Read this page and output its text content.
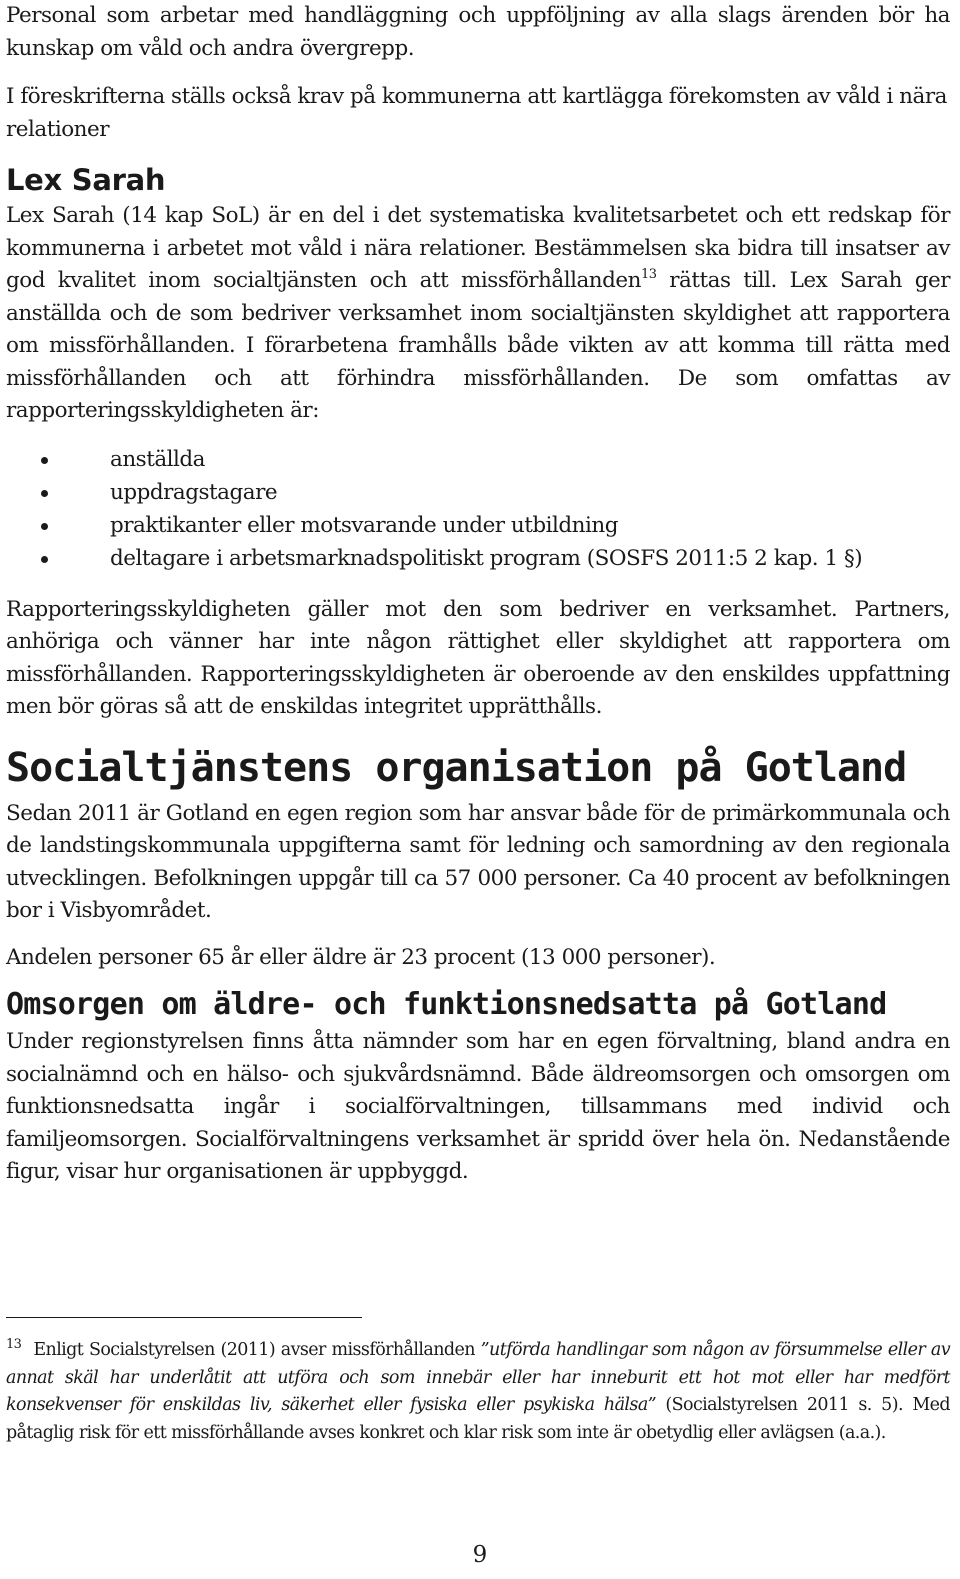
Personal som arbetar med handläggning och uppföljning av alla slags ärenden bör ha kunskap om våld och andra övergrepp.

I föreskrifterna ställs också krav på kommunerna att kartlägga förekomsten av våld i nära relationer

Lex Sarah

Lex Sarah (14 kap SoL) är en del i det systematiska kvalitetsarbetet och ett redskap för kommunerna i arbetet mot våld i nära relationer. Bestämmelsen ska bidra till insatser av god kvalitet inom socialtjänsten och att missförhållanden$^{13}$ rättas till. Lex Sarah ger anställda och de som bedriver verksamhet inom socialtjänsten skyldighet att rapportera om missförhållanden. I förarbetena framhålls både vikten av att komma till rätta med missförhållanden och att förhindra missförhållanden. De som omfattas av rapporteringsskyldigheten är:

anställda
uppdragstagare
praktikanter eller motsvarande under utbildning
deltagare i arbetsmarknadspolitiskt program (SOSFS 2011:5 2 kap. 1 §)

Rapporteringsskyldigheten gäller mot den som bedriver en verksamhet. Partners, anhöriga och vänner har inte någon rättighet eller skyldighet att rapportera om missförhållanden. Rapporteringsskyldigheten är oberoende av den enskildes uppfattning men bör göras så att de enskildas integritet upprätthålls.

Socialtjänstens organisation på Gotland

Sedan 2011 är Gotland en egen region som har ansvar både för de primärkommunala och de landstingskommunala uppgifterna samt för ledning och samordning av den regionala utvecklingen. Befolkningen uppgår till ca 57 000 personer. Ca 40 procent av befolkningen bor i Visbyområdet.

Andelen personer 65 år eller äldre är 23 procent (13 000 personer).

Omsorgen om äldre- och funktionsnedsatta på Gotland

Under regionstyrelsen finns åtta nämnder som har en egen förvaltning, bland andra en socialnämnd och en hälso- och sjukvårdsnämnd. Både äldreomsorgen och omsorgen om funktionsnedsatta ingår i socialförvaltningen, tillsammans med individ och familjeomsorgen. Socialförvaltningens verksamhet är spridd över hela ön. Nedanstående figur, visar hur organisationen är uppbyggd.

$^{13}$ Enligt Socialstyrelsen (2011) avser missförhållanden ”utförda handlingar som någon av försummelse eller av annat skäl har underlåtit att utföra och som innebär eller har inneburit ett hot mot eller har medfört konsekvenser för enskildas liv, säkerhet eller fysiska eller psykiska hälsa” (Socialstyrelsen 2011 s. 5). Med påtaglig risk för ett missförhållande avses konkret och klar risk som inte är obetydlig eller avlägsen (a.a.).
9
